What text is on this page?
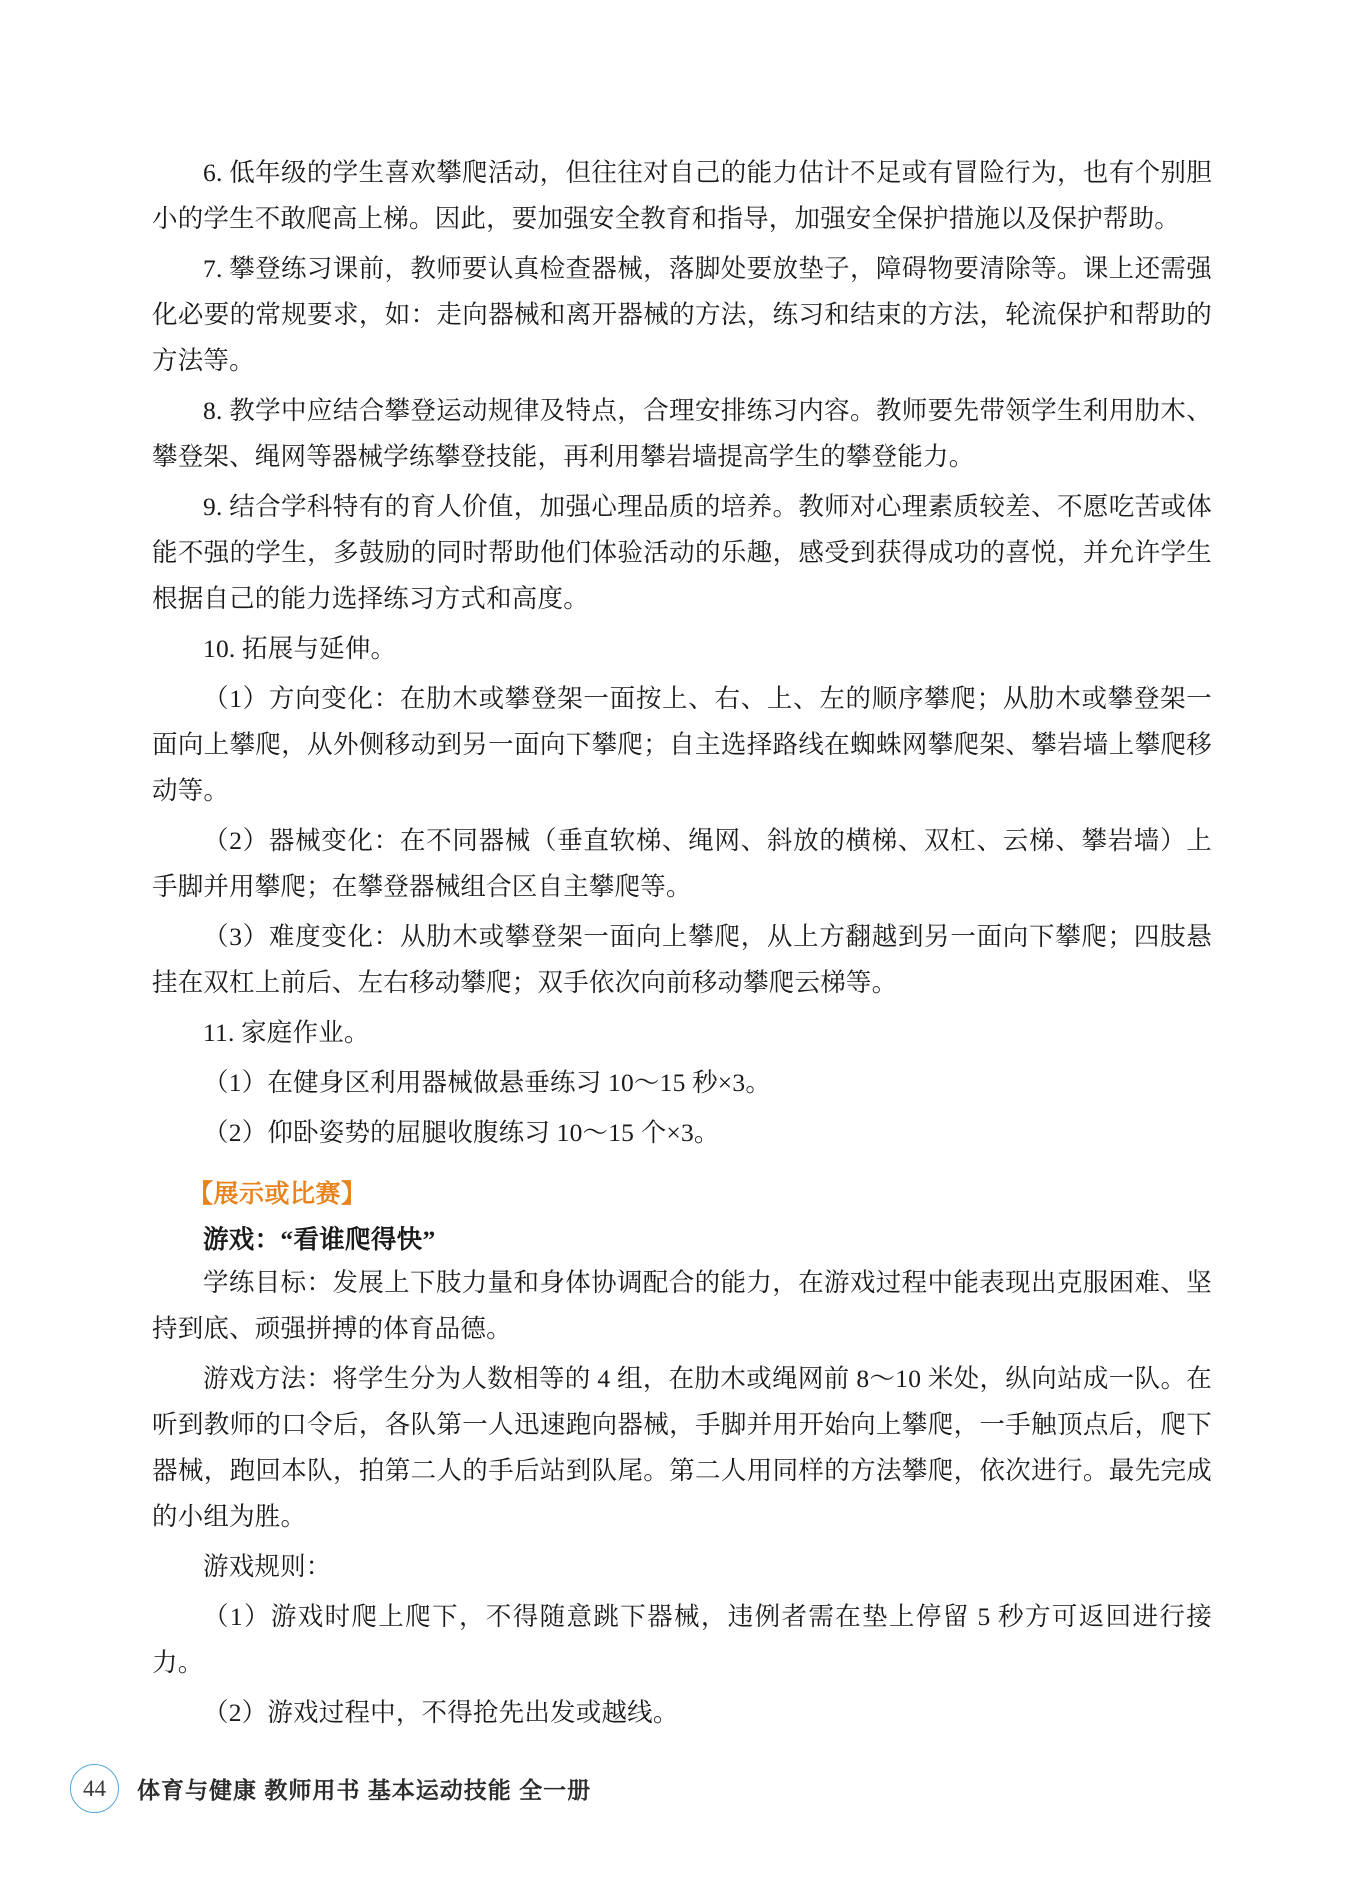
6. 低年级的学生喜欢攀爬活动，但往往对自己的能力估计不足或有冒险行为，也有个别胆小的学生不敢爬高上梯。因此，要加强安全教育和指导，加强安全保护措施以及保护帮助。

7. 攀登练习课前，教师要认真检查器械，落脚处要放垫子，障碍物要清除等。课上还需强化必要的常规要求，如：走向器械和离开器械的方法，练习和结束的方法，轮流保护和帮助的方法等。

8. 教学中应结合攀登运动规律及特点，合理安排练习内容。教师要先带领学生利用肋木、攀登架、绳网等器械学练攀登技能，再利用攀岩墙提高学生的攀登能力。

9. 结合学科特有的育人价值，加强心理品质的培养。教师对心理素质较差、不愿吃苦或体能不强的学生，多鼓励的同时帮助他们体验活动的乐趣，感受到获得成功的喜悦，并允许学生根据自己的能力选择练习方式和高度。

10. 拓展与延伸。

（1）方向变化：在肋木或攀登架一面按上、右、上、左的顺序攀爬；从肋木或攀登架一面向上攀爬，从外侧移动到另一面向下攀爬；自主选择路线在蜘蛛网攀爬架、攀岩墙上攀爬移动等。

（2）器械变化：在不同器械（垂直软梯、绳网、斜放的横梯、双杠、云梯、攀岩墙）上手脚并用攀爬；在攀登器械组合区自主攀爬等。

（3）难度变化：从肋木或攀登架一面向上攀爬，从上方翻越到另一面向下攀爬；四肢悬挂在双杠上前后、左右移动攀爬；双手依次向前移动攀爬云梯等。

11. 家庭作业。

（1）在健身区利用器械做悬垂练习 10～15 秒×3。

（2）仰卧姿势的屈腿收腹练习 10～15 个×3。

【展示或比赛】

游戏：“看谁爬得快”

学练目标：发展上下肢力量和身体协调配合的能力，在游戏过程中能表现出克服困难、坚持到底、顽强拼搏的体育品德。

游戏方法：将学生分为人数相等的 4 组，在肋木或绳网前 8～10 米处，纵向站成一队。在听到教师的口令后，各队第一人迅速跑向器械，手脚并用开始向上攀爬，一手触顶点后，爬下器械，跑回本队，拍第二人的手后站到队尾。第二人用同样的方法攀爬，依次进行。最先完成的小组为胜。

游戏规则：

（1）游戏时爬上爬下，不得随意跳下器械，违例者需在垫上停留 5 秒方可返回进行接力。

（2）游戏过程中，不得抢先出发或越线。

44	体育与健康 教师用书 基本运动技能 全一册
